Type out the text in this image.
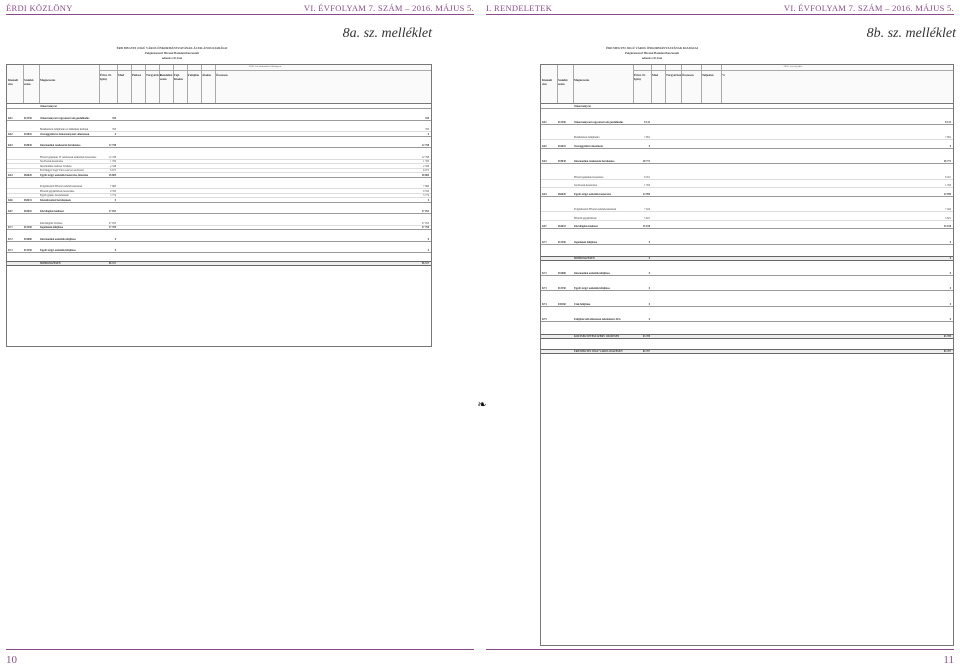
ÉRDI KÖZLÖNY	VI. ÉVFOLYAM 7. SZÁM – 2016. MÁJUS 5.
8a. sz. melléklet
ÉRD MEGYEI JOGÚ VÁROS ÖNKORMÁNYZATÁNAK ÁLTALÁNOS KIADÁSAI
Polgármesteri Hivatal Hatáskörben kezelt
adatok e.Ft-ban
2016. évi módosított előirányzat
Kiemelt cím
Szakfel. szám
Megnevezés
Érint. Ft. Igény
Mód	Pótlasz	Tárgyévben
Rendelési szám
Fejl. Kiadás
Felújítás Átadás	Összesen
Önkormányzat
K61	013350	Önkormányzati vagyonnal való gazdálkodás	350	350
Beruházások felújítására és működési kiadásai	350	350
K62	016010	Országgyűlési és önkormányzati választások	0	0
K63	018030	Informatikai rendszerek beruházása	12 798	12 798
Hivatal gépeinek, IT rendszerek elemeinek beszerzése	12 798	12 798
Szoftverek beszerzése	1 700	1 700
Informatikai rendszer bővítése	2 348	2 348
Érd Megyei Jogú Város szerver szoftverei	6 075	6 075
K64	066020	Egyéb tárgyi eszközök beszerzése, létesítése	28 869	28 869
Polgármesteri Hivatal eszközbeszerzései	7 890	7 890
Hivatali gépjárművek beszerzése	9 350	9 350
Egyéb gépek, berendezések	5 774	5 774
K66	084031	Közművesítési beruházások	0	0
K67	064010	Közvilágítás kiadásai	27 053	27 053
Közvilágítás bővítése	27 053	27 053
K71	013350	Ingatlanok felújítása	27 700	27 700
K72	016080	Informatikai eszközök felújítása	0	0
K73	013350	Egyéb tárgyi eszközök felújítása	0	0
MINDÖSSZESEN	96 317	96 317
10
I. RENDELETEK	VI. ÉVFOLYAM 7. SZÁM – 2016. MÁJUS 5.
8b. sz. melléklet
ÉRD MEGYEI JOGÚ VÁROS ÖNKORMÁNYZATÁNAK KIADÁSAI
Polgármesteri Hivatal Hatáskörben kezelt
adatok e.Ft-ban
2016. évi teljesítés
Kiemelt cím
Szakfel. szám
Megnevezés
Érint. Ft. Igény
Mód	Tárgyévben Összesen	Teljesítés	%
Önkormányzat
K61	013350	Önkormányzati vagyonnal való gazdálkodás	8 141	8 141
Beruházások felújítására	7 991	7 991
K62	016010	Országgyűlési választások	0	0
K63	018030	Informatikai rendszerek beruházása	28 772	28 772
Hivatal gépeinek beszerzése	8 451	8 451
Szoftverek beszerzése	1 350	1 350
K64	066020	Egyéb tárgyi eszközök beszerzése	24 999	24 999
Polgármesteri Hivatal eszközbeszerzései	7 024	7 024
Hivatali gépjárművek	5 621	5 621
K67	064010	Közvilágítás kiadásai	35 108	35 108
K71	013350	Ingatlanok felújítása	0	0
MINDÖSSZESEN	0	0
K72	016080	Informatikai eszközök felújítása	0	0
K73	013350	Egyéb tárgyi eszközök felújítása	0	0
K74	045160	Utak felújítása	0	0
K75	Felújítási célú előzetesen felszámított ÁFA	0	0
KÖLTSÉGVETÉSI SZERV ÖSSZESEN	63 709	63 709
ÉRD MEGYEI JOGÚ VÁROS ÖSSZESEN	84 707	84 707
11
❧
